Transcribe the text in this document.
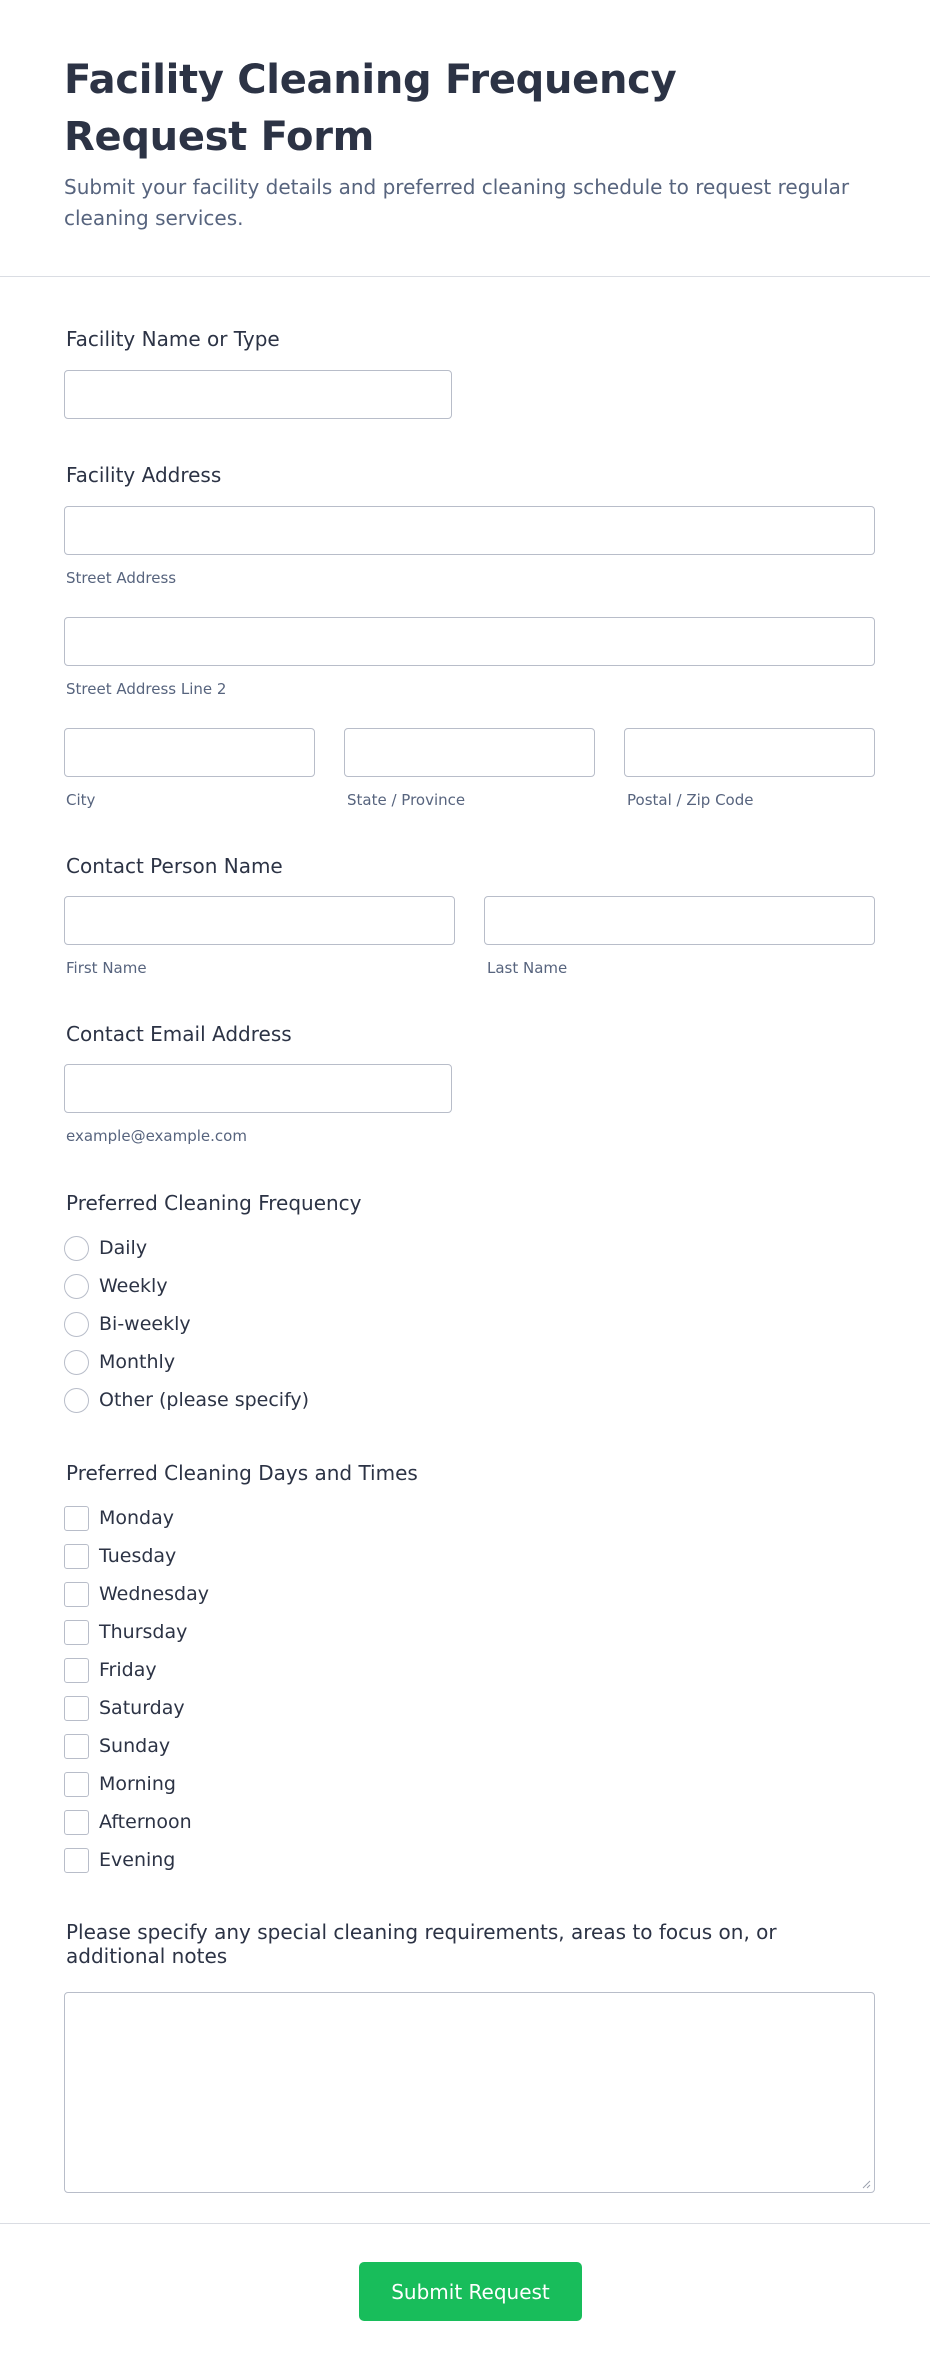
Facility Cleaning Frequency Request Form

Submit your facility details and preferred cleaning schedule to request regular cleaning services.

Facility Name or Type
Facility Address
Street Address
Street Address Line 2
City	State / Province	Postal / Zip Code
Contact Person Name
First Name	Last Name
Contact Email Address
example@example.com
Preferred Cleaning Frequency
Daily
Weekly
Bi-weekly
Monthly
Other (please specify)
Preferred Cleaning Days and Times
Monday
Tuesday
Wednesday
Thursday
Friday
Saturday
Sunday
Morning
Afternoon
Evening
Please specify any special cleaning requirements, areas to focus on, or additional notes
Submit Request
